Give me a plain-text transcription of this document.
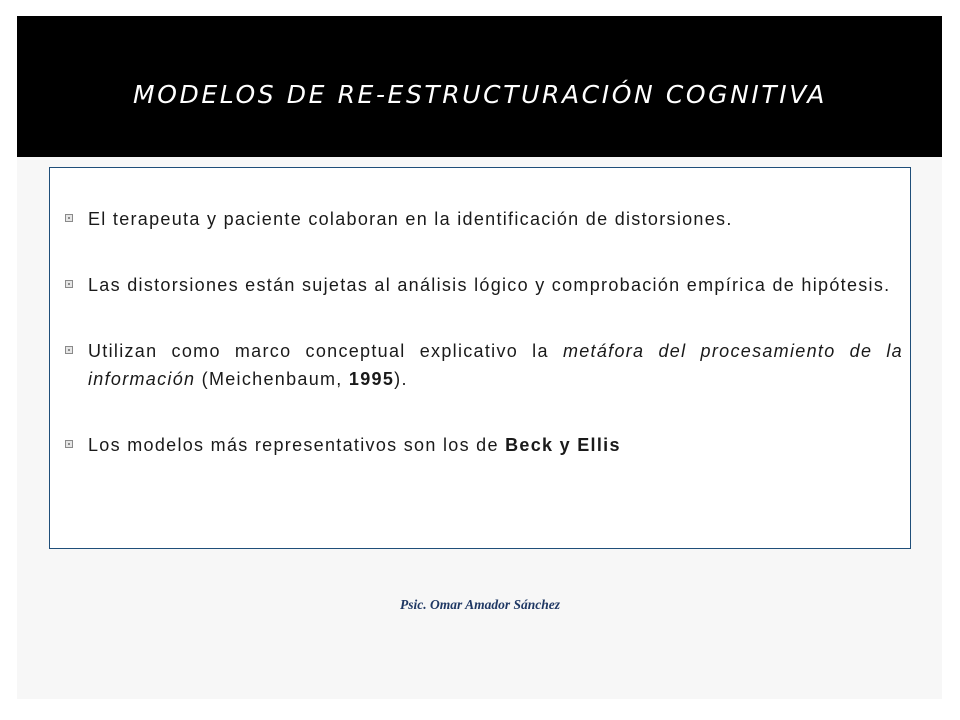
MODELOS DE RE-ESTRUCTURACIÓN COGNITIVA
El terapeuta y paciente colaboran en la identificación de distorsiones.
Las distorsiones están sujetas al análisis lógico y comprobación empírica de hipótesis.
Utilizan como marco conceptual explicativo la metáfora del procesamiento de la información (Meichenbaum, 1995).
Los modelos más representativos son los de Beck y Ellis
Psic. Omar Amador Sánchez
